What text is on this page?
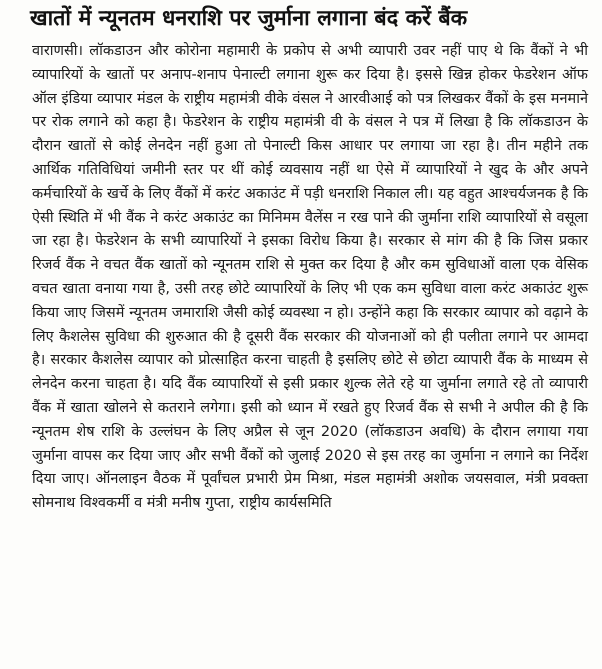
खातों में न्यूनतम धनराशि पर जुर्माना लगाना बंद करें बैंक

वाराणसी। लॉकडाउन और कोरोना महामारी के प्रकोप से अभी व्यापारी उवर नहीं पाए थे कि वैंकों ने भी व्यापारियों के खातों पर अनाप-शनाप पेनाल्टी लगाना शुरू कर दिया है। इससे खिन्न होकर फेडरेशन ऑफ ऑल इंडिया व्यापार मंडल के राष्ट्रीय महामंत्री वीके वंसल ने आरवीआई को पत्र लिखकर वैंकों के इस मनमाने पर रोक लगाने को कहा है। फेडरेशन के राष्ट्रीय महामंत्री वी के वंसल ने पत्र में लिखा है कि लॉकडाउन के दौरान खातों से कोई लेनदेन नहीं हुआ तो पेनाल्टी किस आधार पर लगाया जा रहा है। तीन महीने तक आर्थिक गतिविधियां जमीनी स्तर पर थीं कोई व्यवसाय नहीं था ऐसे में व्यापारियों ने खुद के और अपने कर्मचारियों के खर्चे के लिए वैंकों में करंट अकाउंट में पड़ी धनराशि निकाल ली। यह वहुत आश्चर्यजनक है कि ऐसी स्थिति में भी वैंक ने करंट अकाउंट का मिनिमम वैलेंस न रख पाने की जुर्माना राशि व्यापारियों से वसूला जा रहा है। फेडरेशन के सभी व्यापारियों ने इसका विरोध किया है। सरकार से मांग की है कि जिस प्रकार रिजर्व वैंक ने वचत वैंक खातों को न्यूनतम राशि से मुक्त कर दिया है और कम सुविधाओं वाला एक वेसिक वचत खाता वनाया गया है, उसी तरह छोटे व्यापारियों के लिए भी एक कम सुविधा वाला करंट अकाउंट शुरू किया जाए जिसमें न्यूनतम जमाराशि जैसी कोई व्यवस्था न हो। उन्होंने कहा कि सरकार व्यापार को वढ़ाने के लिए कैशलेस सुविधा की शुरुआत की है दूसरी वैंक सरकार की योजनाओं को ही पलीता लगाने पर आमदा है। सरकार कैशलेस व्यापार को प्रोत्साहित करना चाहती है इसलिए छोटे से छोटा व्यापारी वैंक के माध्यम से लेनदेन करना चाहता है। यदि वैंक व्यापारियों से इसी प्रकार शुल्क लेते रहे या जुर्माना लगाते रहे तो व्यापारी वैंक में खाता खोलने से कतराने लगेगा। इसी को ध्यान में रखते हुए रिजर्व वैंक से सभी ने अपील की है कि न्यूनतम शेष राशि के उल्लंघन के लिए अप्रैल से जून 2020 (लॉकडाउन अवधि) के दौरान लगाया गया जुर्माना वापस कर दिया जाए और सभी वैंकों को जुलाई 2020 से इस तरह का जुर्माना न लगाने का निर्देश दिया जाए। ऑनलाइन वैठक में पूर्वांचल प्रभारी प्रेम मिश्रा, मंडल महामंत्री अशोक जयसवाल, मंत्री प्रवक्ता सोमनाथ विश्वकर्मी व मंत्री मनीष गुप्ता, राष्ट्रीय कार्यसमिति
